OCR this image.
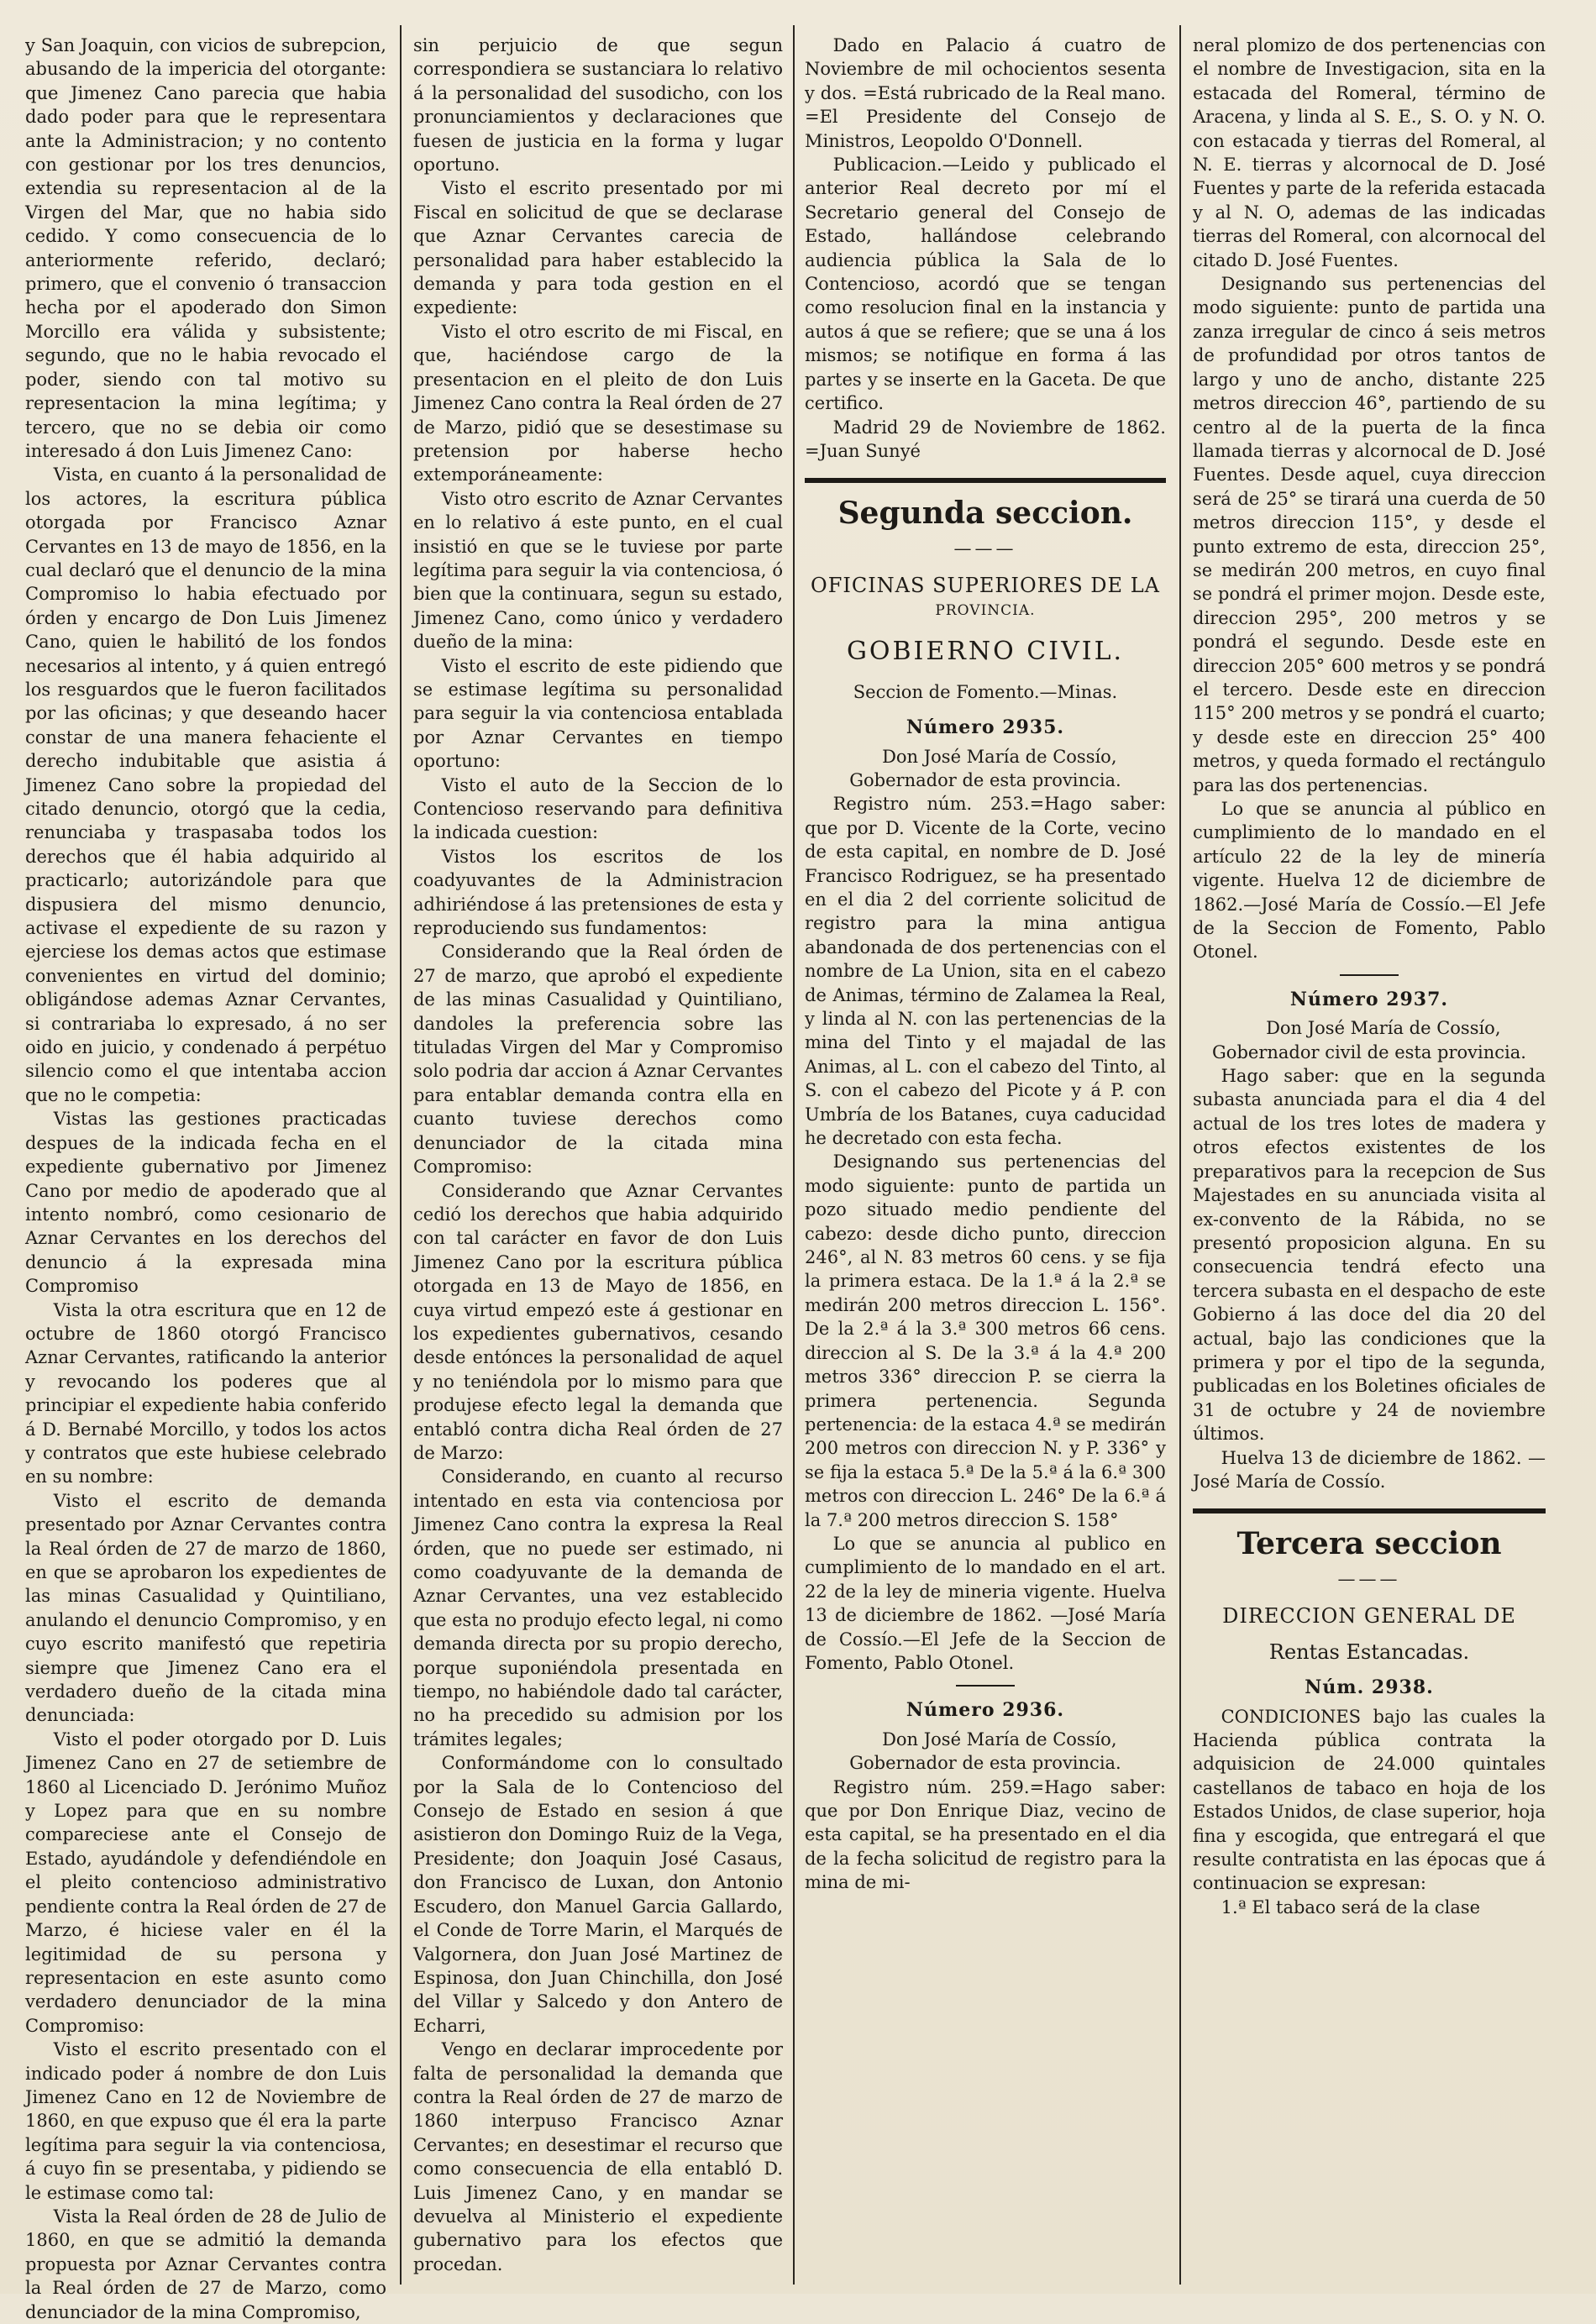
y San Joaquin, con vicios de subrepcion, abusando de la impericia del otorgante: que Jimenez Cano parecia que habia dado poder para que le representara ante la Administracion; y no contento con gestionar por los tres denuncios, extendia su representacion al de la Virgen del Mar, que no habia sido cedido. Y como consecuencia de lo anteriormente referido, declaró; primero, que el convenio ó transaccion hecha por el apoderado don Simon Morcillo era válida y subsistente; segundo, que no le habia revocado el poder, siendo con tal motivo su representacion la mina legítima; y tercero, que no se debia oir como interesado á don Luis Jimenez Cano:

Vista, en cuanto á la personalidad de los actores, la escritura pública otorgada por Francisco Aznar Cervantes en 13 de mayo de 1856, en la cual declaró que el denuncio de la mina Compromiso lo habia efectuado por órden y encargo de Don Luis Jimenez Cano, quien le habilitó de los fondos necesarios al intento, y á quien entregó los resguardos que le fueron facilitados por las oficinas; y que deseando hacer constar de una manera fehaciente el derecho indubitable que asistia á Jimenez Cano sobre la propiedad del citado denuncio, otorgó que la cedia, renunciaba y traspasaba todos los derechos que él habia adquirido al practicarlo; autorizándole para que dispusiera del mismo denuncio, activase el expediente de su razon y ejerciese los demas actos que estimase convenientes en virtud del dominio; obligándose ademas Aznar Cervantes, si contrariaba lo expresado, á no ser oido en juicio, y condenado á perpétuo silencio como el que intentaba accion que no le competia:

Vistas las gestiones practicadas despues de la indicada fecha en el expediente gubernativo por Jimenez Cano por medio de apoderado que al intento nombró, como cesionario de Aznar Cervantes en los derechos del denuncio á la expresada mina Compromiso

Vista la otra escritura que en 12 de octubre de 1860 otorgó Francisco Aznar Cervantes, ratificando la anterior y revocando los poderes que al principiar el expediente habia conferido á D. Bernabé Morcillo, y todos los actos y contratos que este hubiese celebrado en su nombre:

Visto el escrito de demanda presentado por Aznar Cervantes contra la Real órden de 27 de marzo de 1860, en que se aprobaron los expedientes de las minas Casualidad y Quintiliano, anulando el denuncio Compromiso, y en cuyo escrito manifestó que repetiria siempre que Jimenez Cano era el verdadero dueño de la citada mina denunciada:

Visto el poder otorgado por D. Luis Jimenez Cano en 27 de setiembre de 1860 al Licenciado D. Jerónimo Muñoz y Lopez para que en su nombre compareciese ante el Consejo de Estado, ayudándole y defendiéndole en el pleito contencioso administrativo pendiente contra la Real órden de 27 de Marzo, é hiciese valer en él la legitimidad de su persona y representacion en este asunto como verdadero denunciador de la mina Compromiso:

Visto el escrito presentado con el indicado poder á nombre de don Luis Jimenez Cano en 12 de Noviembre de 1860, en que expuso que él era la parte legítima para seguir la via contenciosa, á cuyo fin se presentaba, y pidiendo se le estimase como tal:

Vista la Real órden de 28 de Julio de 1860, en que se admitió la demanda propuesta por Aznar Cervantes contra la Real órden de 27 de Marzo, como denunciador de la mina Compromiso,

sin perjuicio de que segun correspondiera se sustanciara lo relativo á la personalidad del susodicho, con los pronunciamientos y declaraciones que fuesen de justicia en la forma y lugar oportuno.

Visto el escrito presentado por mi Fiscal en solicitud de que se declarase que Aznar Cervantes carecia de personalidad para haber establecido la demanda y para toda gestion en el expediente:

Visto el otro escrito de mi Fiscal, en que, haciéndose cargo de la presentacion en el pleito de don Luis Jimenez Cano contra la Real órden de 27 de Marzo, pidió que se desestimase su pretension por haberse hecho extemporáneamente:

Visto otro escrito de Aznar Cervantes en lo relativo á este punto, en el cual insistió en que se le tuviese por parte legítima para seguir la via contenciosa, ó bien que la continuara, segun su estado, Jimenez Cano, como único y verdadero dueño de la mina:

Visto el escrito de este pidiendo que se estimase legítima su personalidad para seguir la via contenciosa entablada por Aznar Cervantes en tiempo oportuno:

Visto el auto de la Seccion de lo Contencioso reservando para definitiva la indicada cuestion:

Vistos los escritos de los coadyuvantes de la Administracion adhiriéndose á las pretensiones de esta y reproduciendo sus fundamentos:

Considerando que la Real órden de 27 de marzo, que aprobó el expediente de las minas Casualidad y Quintiliano, dandoles la preferencia sobre las tituladas Virgen del Mar y Compromiso solo podria dar accion á Aznar Cervantes para entablar demanda contra ella en cuanto tuviese derechos como denunciador de la citada mina Compromiso:

Considerando que Aznar Cervantes cedió los derechos que habia adquirido con tal carácter en favor de don Luis Jimenez Cano por la escritura pública otorgada en 13 de Mayo de 1856, en cuya virtud empezó este á gestionar en los expedientes gubernativos, cesando desde entónces la personalidad de aquel y no teniéndola por lo mismo para que produjese efecto legal la demanda que entabló contra dicha Real órden de 27 de Marzo:

Considerando, en cuanto al recurso intentado en esta via contenciosa por Jimenez Cano contra la expresa la Real órden, que no puede ser estimado, ni como coadyuvante de la demanda de Aznar Cervantes, una vez establecido que esta no produjo efecto legal, ni como demanda directa por su propio derecho, porque suponiéndola presentada en tiempo, no habiéndole dado tal carácter, no ha precedido su admision por los trámites legales;

Conformándome con lo consultado por la Sala de lo Contencioso del Consejo de Estado en sesion á que asistieron don Domingo Ruiz de la Vega, Presidente; don Joaquin José Casaus, don Francisco de Luxan, don Antonio Escudero, don Manuel Garcia Gallardo, el Conde de Torre Marin, el Marqués de Valgornera, don Juan José Martinez de Espinosa, don Juan Chinchilla, don José del Villar y Salcedo y don Antero de Echarri,

Vengo en declarar improcedente por falta de personalidad la demanda que contra la Real órden de 27 de marzo de 1860 interpuso Francisco Aznar Cervantes; en desestimar el recurso que como consecuencia de ella entabló D. Luis Jimenez Cano, y en mandar se devuelva al Ministerio el expediente gubernativo para los efectos que procedan.

Dado en Palacio á cuatro de Noviembre de mil ochocientos sesenta y dos. =Está rubricado de la Real mano. =El Presidente del Consejo de Ministros, Leopoldo O'Donnell.

Publicacion.—Leido y publicado el anterior Real decreto por mí el Secretario general del Consejo de Estado, hallándose celebrando audiencia pública la Sala de lo Contencioso, acordó que se tengan como resolucion final en la instancia y autos á que se refiere; que se una á los mismos; se notifique en forma á las partes y se inserte en la Gaceta. De que certifico.

Madrid 29 de Noviembre de 1862. =Juan Sunyé

Segunda seccion.
———
OFICINAS SUPERIORES DE LA
PROVINCIA.
GOBIERNO CIVIL.
Seccion de Fomento.—Minas.
Número 2935.

Don José María de Cossío, Gobernador de esta provincia.

Registro núm. 253.=Hago saber: que por D. Vicente de la Corte, vecino de esta capital, en nombre de D. José Francisco Rodriguez, se ha presentado en el dia 2 del corriente solicitud de registro para la mina antigua abandonada de dos pertenencias con el nombre de La Union, sita en el cabezo de Animas, término de Zalamea la Real, y linda al N. con las pertenencias de la mina del Tinto y el majadal de las Animas, al L. con el cabezo del Tinto, al S. con el cabezo del Picote y á P. con Umbría de los Batanes, cuya caducidad he decretado con esta fecha.

Designando sus pertenencias del modo siguiente: punto de partida un pozo situado medio pendiente del cabezo: desde dicho punto, direccion 246°, al N. 83 metros 60 cens. y se fija la primera estaca. De la 1.ª á la 2.ª se medirán 200 metros direccion L. 156°. De la 2.ª á la 3.ª 300 metros 66 cens. direccion al S. De la 3.ª á la 4.ª 200 metros 336° direccion P. se cierra la primera pertenencia. Segunda pertenencia: de la estaca 4.ª se medirán 200 metros con direccion N. y P. 336° y se fija la estaca 5.ª De la 5.ª á la 6.ª 300 metros con direccion L. 246° De la 6.ª á la 7.ª 200 metros direccion S. 158°

Lo que se anuncia al publico en cumplimiento de lo mandado en el art. 22 de la ley de mineria vigente. Huelva 13 de diciembre de 1862. —José María de Cossío.—El Jefe de la Seccion de Fomento, Pablo Otonel.

Número 2936.

Don José María de Cossío, Gobernador de esta provincia.

Registro núm. 259.=Hago saber: que por Don Enrique Diaz, vecino de esta capital, se ha presentado en el dia de la fecha solicitud de registro para la mina de mi-

neral plomizo de dos pertenencias con el nombre de Investigacion, sita en la estacada del Romeral, término de Aracena, y linda al S. E., S. O. y N. O. con estacada y tierras del Romeral, al N. E. tierras y alcornocal de D. José Fuentes y parte de la referida estacada y al N. O, ademas de las indicadas tierras del Romeral, con alcornocal del citado D. José Fuentes.

Designando sus pertenencias del modo siguiente: punto de partida una zanza irregular de cinco á seis metros de profundidad por otros tantos de largo y uno de ancho, distante 225 metros direccion 46°, partiendo de su centro al de la puerta de la finca llamada tierras y alcornocal de D. José Fuentes. Desde aquel, cuya direccion será de 25° se tirará una cuerda de 50 metros direccion 115°, y desde el punto extremo de esta, direccion 25°, se medirán 200 metros, en cuyo final se pondrá el primer mojon. Desde este, direccion 295°, 200 metros y se pondrá el segundo. Desde este en direccion 205° 600 metros y se pondrá el tercero. Desde este en direccion 115° 200 metros y se pondrá el cuarto; y desde este en direccion 25° 400 metros, y queda formado el rectángulo para las dos pertenencias.

Lo que se anuncia al público en cumplimiento de lo mandado en el artículo 22 de la ley de minería vigente. Huelva 12 de diciembre de 1862.—José María de Cossío.—El Jefe de la Seccion de Fomento, Pablo Otonel.

Número 2937.

Don José María de Cossío, Gobernador civil de esta provincia.

Hago saber: que en la segunda subasta anunciada para el dia 4 del actual de los tres lotes de madera y otros efectos existentes de los preparativos para la recepcion de Sus Majestades en su anunciada visita al ex-convento de la Rábida, no se presentó proposicion alguna. En su consecuencia tendrá efecto una tercera subasta en el despacho de este Gobierno á las doce del dia 20 del actual, bajo las condiciones que la primera y por el tipo de la segunda, publicadas en los Boletines oficiales de 31 de octubre y 24 de noviembre últimos.

Huelva 13 de diciembre de 1862. —José María de Cossío.

Tercera seccion
———
DIRECCION GENERAL DE
Rentas Estancadas.
Núm. 2938.

CONDICIONES bajo las cuales la Hacienda pública contrata la adquisicion de 24.000 quintales castellanos de tabaco en hoja de los Estados Unidos, de clase superior, hoja fina y escogida, que entregará el que resulte contratista en las épocas que á continuacion se expresan:

1.ª El tabaco será de la clase
